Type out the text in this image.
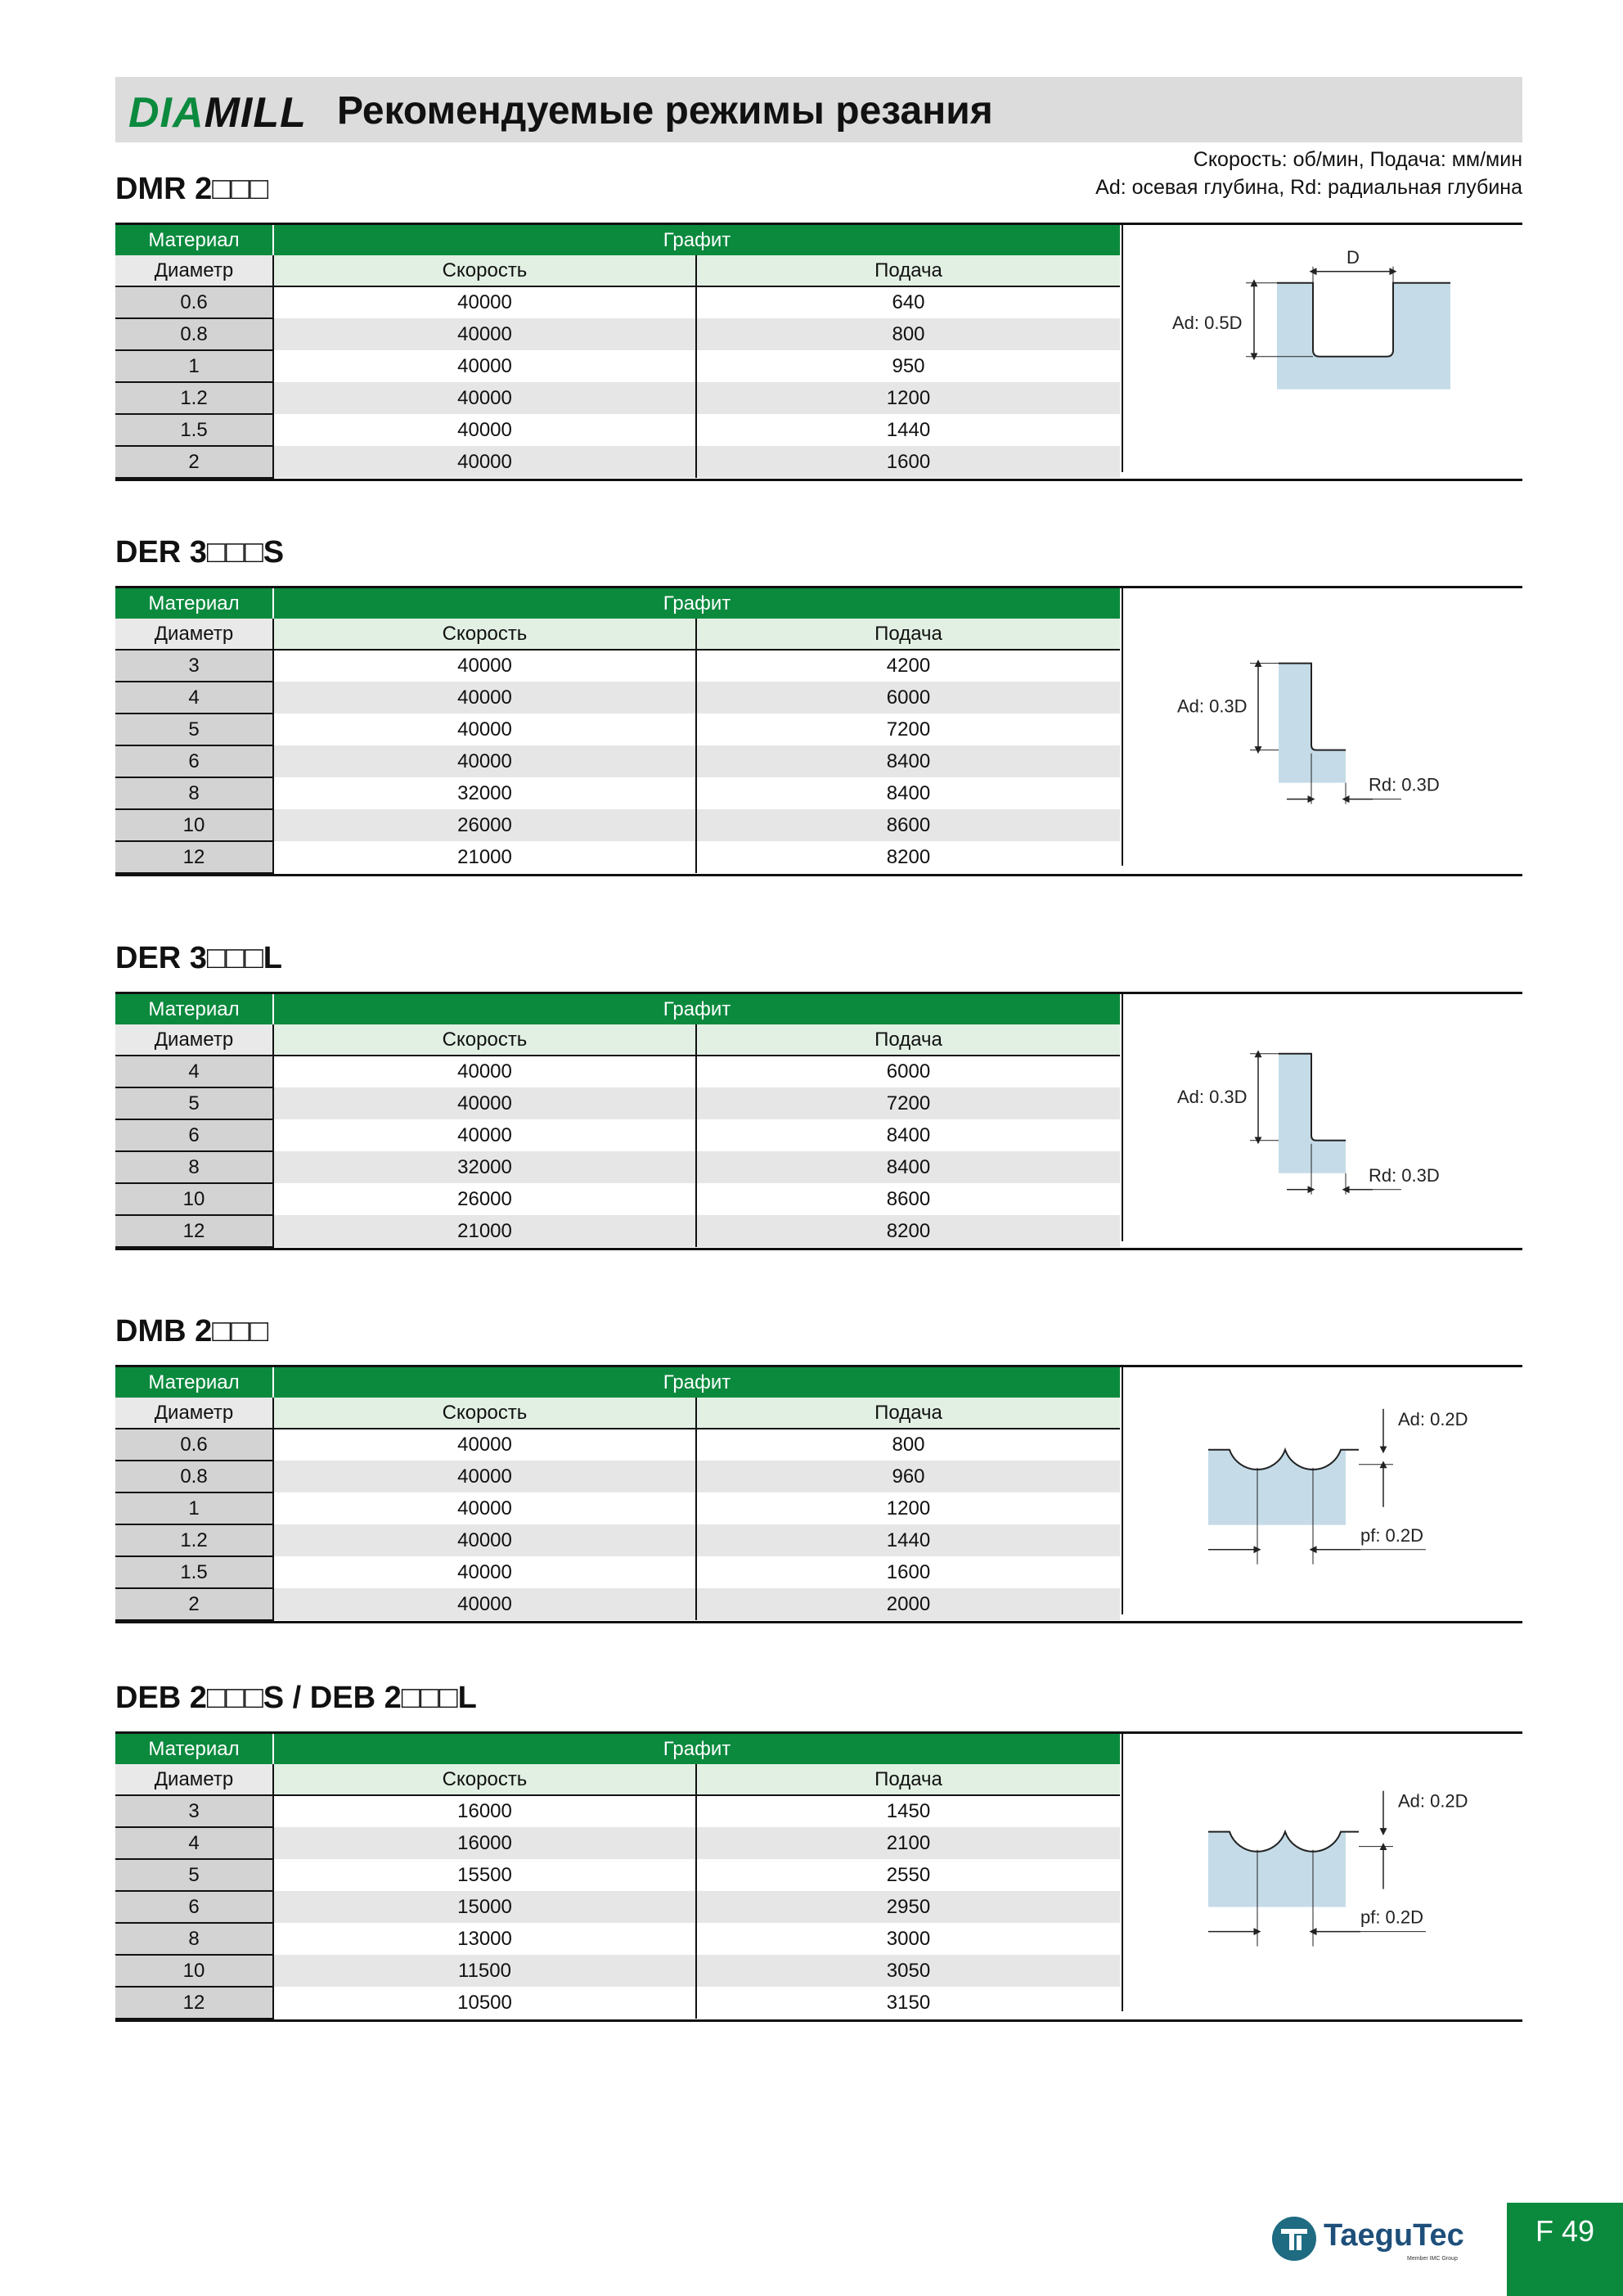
DIAMILL Рекомендуемые режимы резания
Скорость: об/мин, Подача: мм/мин
Ad: осевая глубина, Rd: радиальная глубина
DMR 2□□□
Материал	Графит	
Диаметр	Скорость	Подача
0.6	40000	640
0.8	40000	800
1	40000	950
1.2	40000	1200
1.5	40000	1440
2	40000	1600
Ad: 0.5D
D
DER 3□□□S
Материал	Графит	
Диаметр	Скорость	Подача
3	40000	4200
4	40000	6000
5	40000	7200
6	40000	8400
8	32000	8400
10	26000	8600
12	21000	8200
Ad: 0.3D
Rd: 0.3D
DER 3□□□L
Материал	Графит	
Диаметр	Скорость	Подача
4	40000	6000
5	40000	7200
6	40000	8400
8	32000	8400
10	26000	8600
12	21000	8200
Ad: 0.3D
Rd: 0.3D
DMB 2□□□
Материал	Графит	
Диаметр	Скорость	Подача
0.6	40000	800
0.8	40000	960
1	40000	1200
1.2	40000	1440
1.5	40000	1600
2	40000	2000
pf: 0.2D
Ad: 0.2D
DEB 2□□□S / DEB 2□□□L
Материал	Графит	
Диаметр	Скорость	Подача
3	16000	1450
4	16000	2100
5	15500	2550
6	15000	2950
8	13000	3000
10	11500	3050
12	10500	3150
pf: 0.2D
Ad: 0.2D
TaeguTec
Member IMC Group
F 49
